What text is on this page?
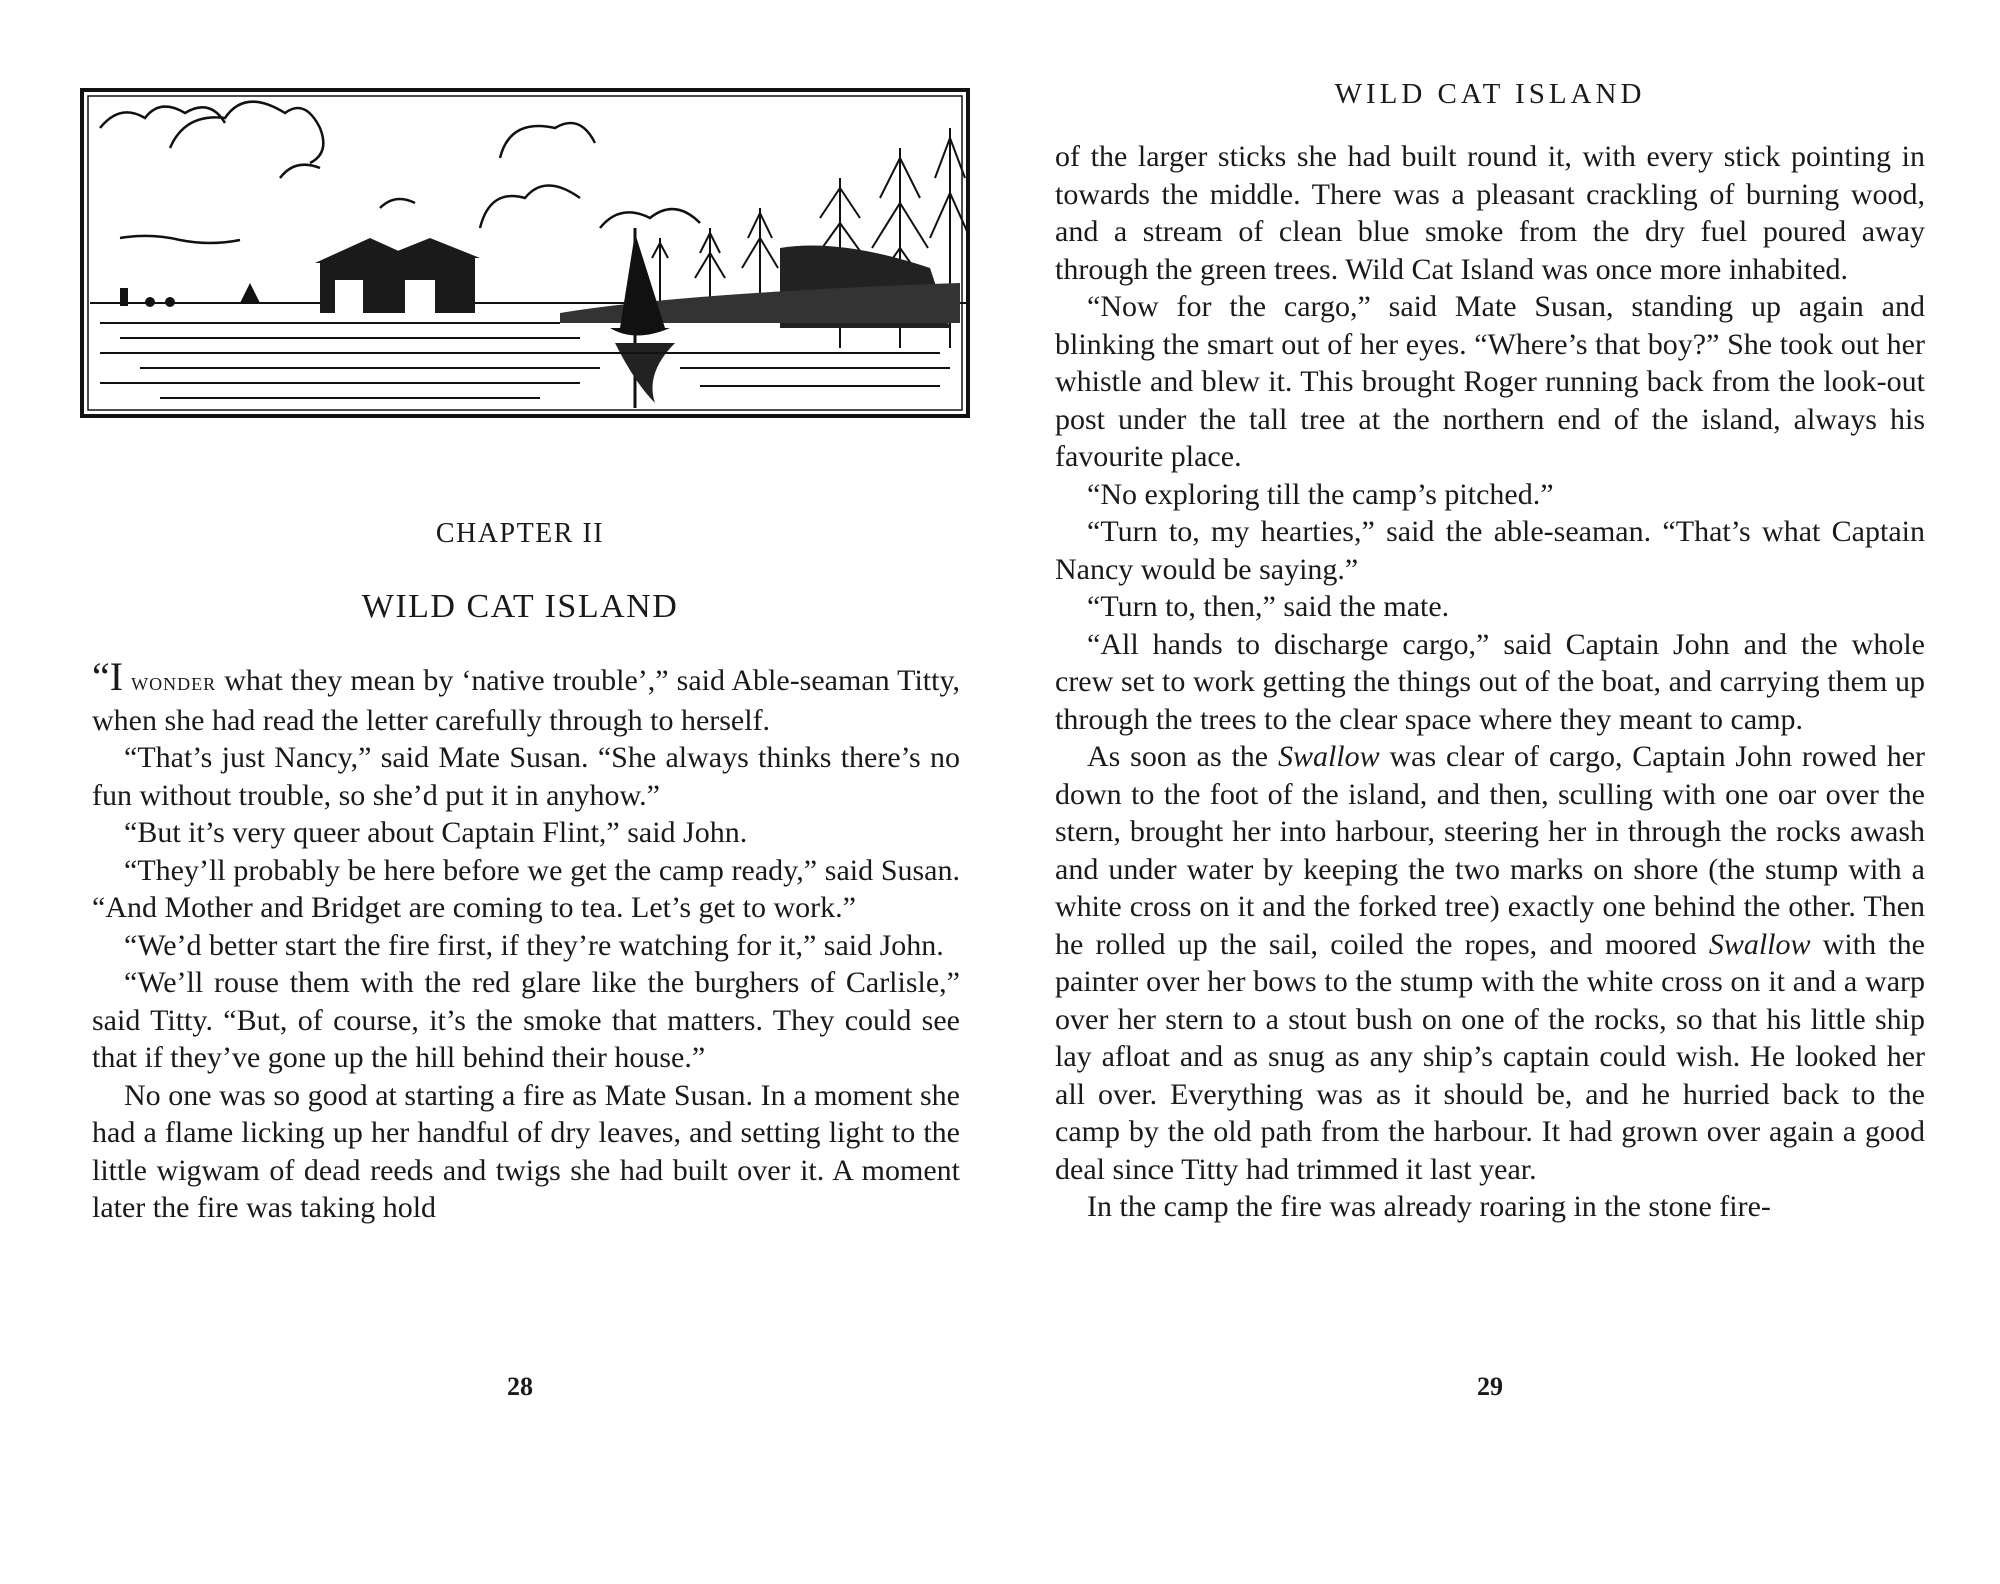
CHAPTER II
WILD CAT ISLAND

“I wonder what they mean by ‘native trouble’,” said Able-seaman Titty, when she had read the letter carefully through to herself.

“That’s just Nancy,” said Mate Susan. “She always thinks there’s no fun without trouble, so she’d put it in anyhow.”

“But it’s very queer about Captain Flint,” said John.

“They’ll probably be here before we get the camp ready,” said Susan. “And Mother and Bridget are coming to tea. Let’s get to work.”

“We’d better start the fire first, if they’re watching for it,” said John.

“We’ll rouse them with the red glare like the burghers of Carlisle,” said Titty. “But, of course, it’s the smoke that matters. They could see that if they’ve gone up the hill behind their house.”

No one was so good at starting a fire as Mate Susan. In a moment she had a flame licking up her handful of dry leaves, and setting light to the little wigwam of dead reeds and twigs she had built over it. A moment later the fire was taking hold

28
WILD CAT ISLAND

of the larger sticks she had built round it, with every stick pointing in towards the middle. There was a pleasant crackling of burning wood, and a stream of clean blue smoke from the dry fuel poured away through the green trees. Wild Cat Island was once more inhabited.

“Now for the cargo,” said Mate Susan, standing up again and blinking the smart out of her eyes. “Where’s that boy?” She took out her whistle and blew it. This brought Roger running back from the look-out post under the tall tree at the northern end of the island, always his favourite place.

“No exploring till the camp’s pitched.”

“Turn to, my hearties,” said the able-seaman. “That’s what Captain Nancy would be saying.”

“Turn to, then,” said the mate.

“All hands to discharge cargo,” said Captain John and the whole crew set to work getting the things out of the boat, and carrying them up through the trees to the clear space where they meant to camp.

As soon as the Swallow was clear of cargo, Captain John rowed her down to the foot of the island, and then, sculling with one oar over the stern, brought her into harbour, steering her in through the rocks awash and under water by keeping the two marks on shore (the stump with a white cross on it and the forked tree) exactly one behind the other. Then he rolled up the sail, coiled the ropes, and moored Swallow with the painter over her bows to the stump with the white cross on it and a warp over her stern to a stout bush on one of the rocks, so that his little ship lay afloat and as snug as any ship’s captain could wish. He looked her all over. Everything was as it should be, and he hurried back to the camp by the old path from the harbour. It had grown over again a good deal since Titty had trimmed it last year.

In the camp the fire was already roaring in the stone fire-

29
